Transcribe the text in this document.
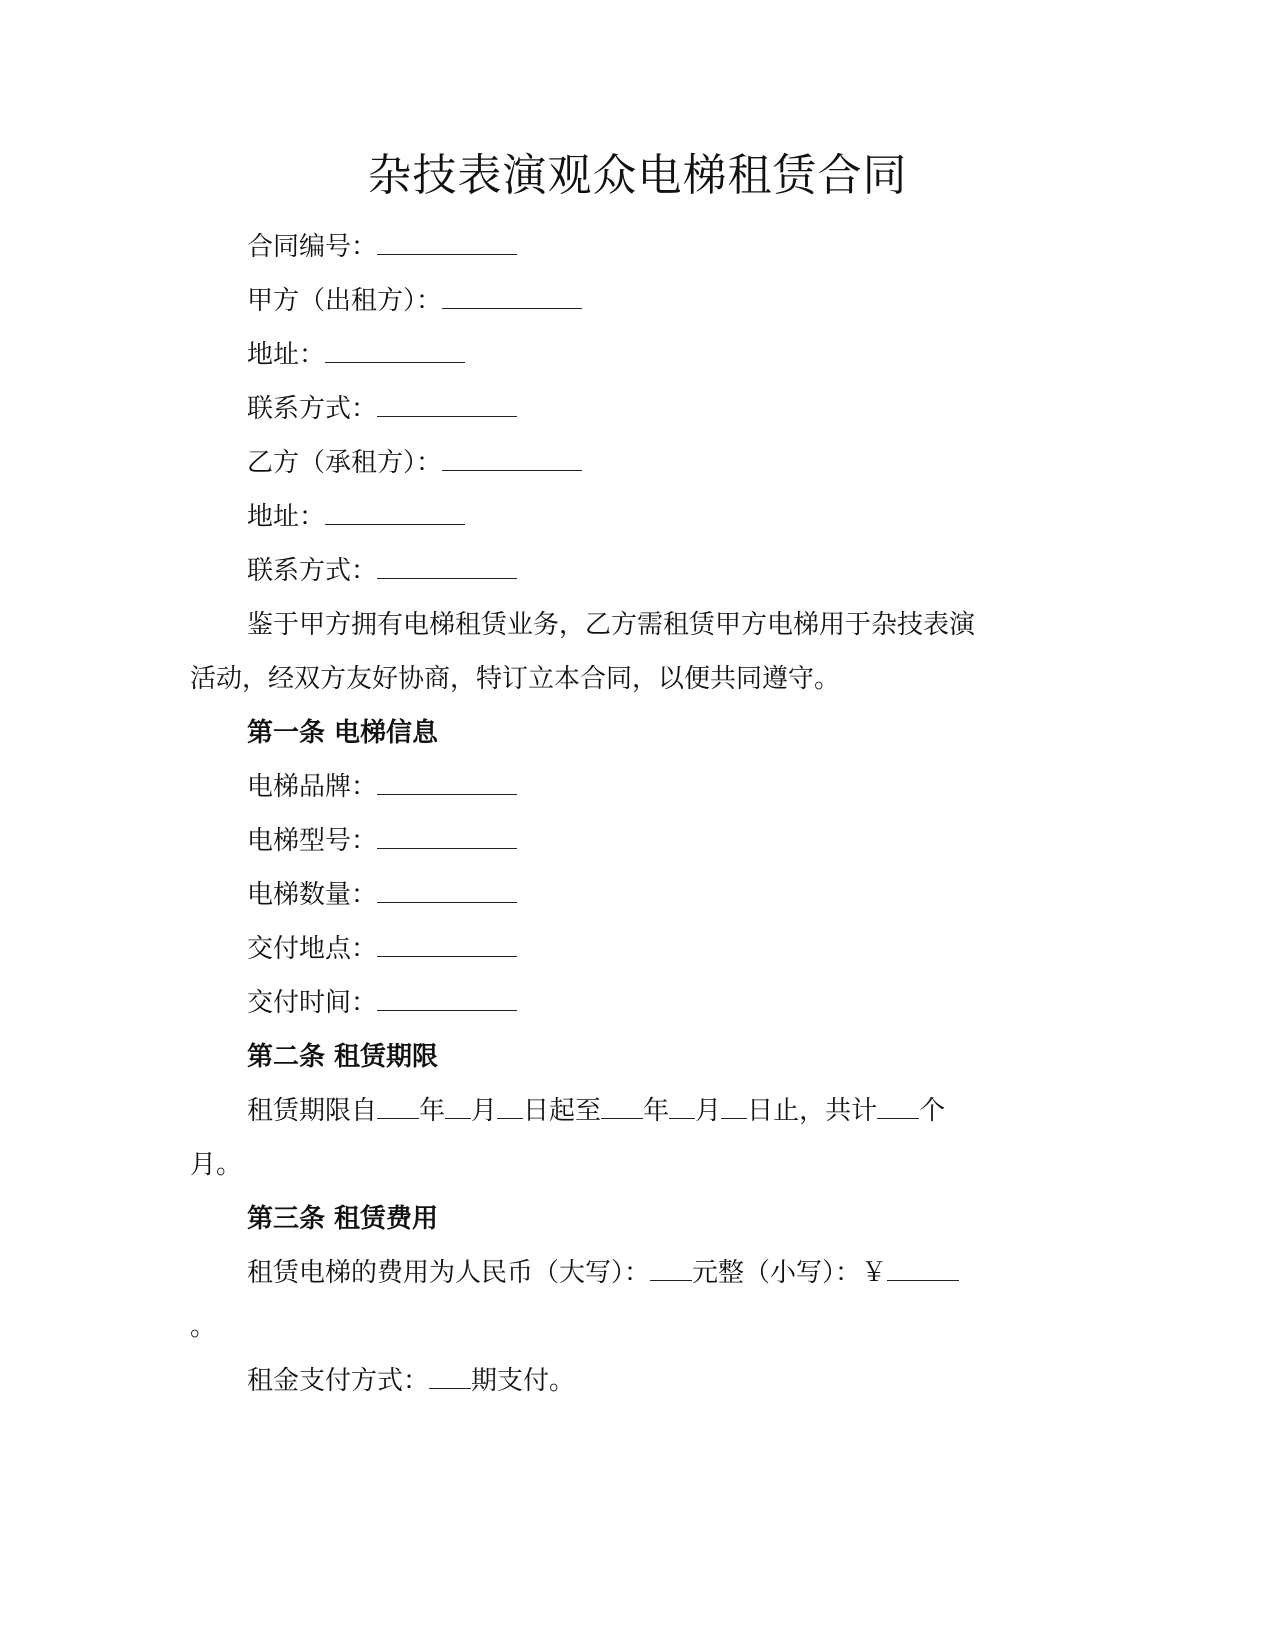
杂技表演观众电梯租赁合同
合同编号：
甲方（出租方）：
地址：
联系方式：
乙方（承租方）：
地址：
联系方式：
鉴于甲方拥有电梯租赁业务，乙方需租赁甲方电梯用于杂技表演
活动，经双方友好协商，特订立本合同，以便共同遵守。
第一条 电梯信息
电梯品牌：
电梯型号：
电梯数量：
交付地点：
交付时间：
第二条 租赁期限
租赁期限自 年 月 日起至 年 月 日止，共计 个
月。
第三条 租赁费用
租赁电梯的费用为人民币（大写）： 元整（小写）：￥
。
租金支付方式： 期支付。
